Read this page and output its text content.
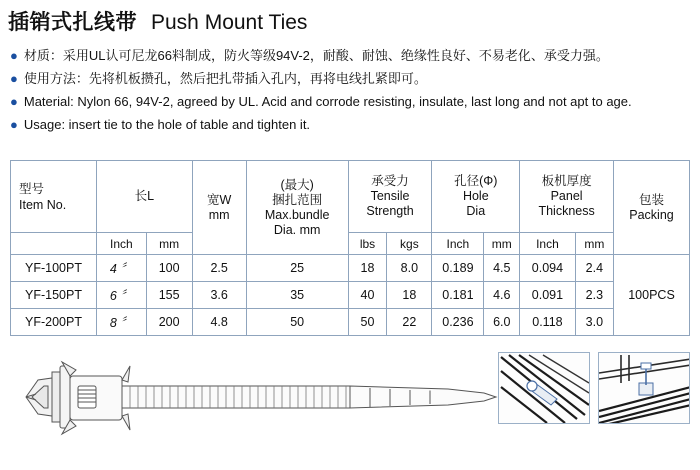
插销式扎线带 Push Mount Ties
● 材质：采用UL认可尼龙66料制成，防火等级94V-2，耐酸、耐蚀、绝缘性良好、不易老化、承受力强。
● 使用方法：先将机板攒孔，然后把扎带插入孔内，再将电线扎紧即可。
● Material: Nylon 66, 94V-2, agreed by UL. Acid and corrode resisting, insulate, last long and not apt to age.
● Usage: insert tie to the hole of table and tighten it.
型号
Item No.

长L	宽W
mm

(最大)
捆扎范围
Max.bundle
Dia. mm

承受力
Tensile
Strength

孔径(Φ)
Hole
Dia

板机厚度
Panel
Thickness

包装
Packing

	Inch	mm			lbs	kgs	Inch	mm	Inch	mm	
YF-100PT	4 〞	100	2.5	25	18	8.0	0.189	4.5	0.094	2.4	100PCS
YF-150PT	6 〞	155	3.6	35	40	18	0.181	4.6	0.091	2.3	
YF-200PT	8 〞	200	4.8	50	50	22	0.236	6.0	0.118	3.0	
